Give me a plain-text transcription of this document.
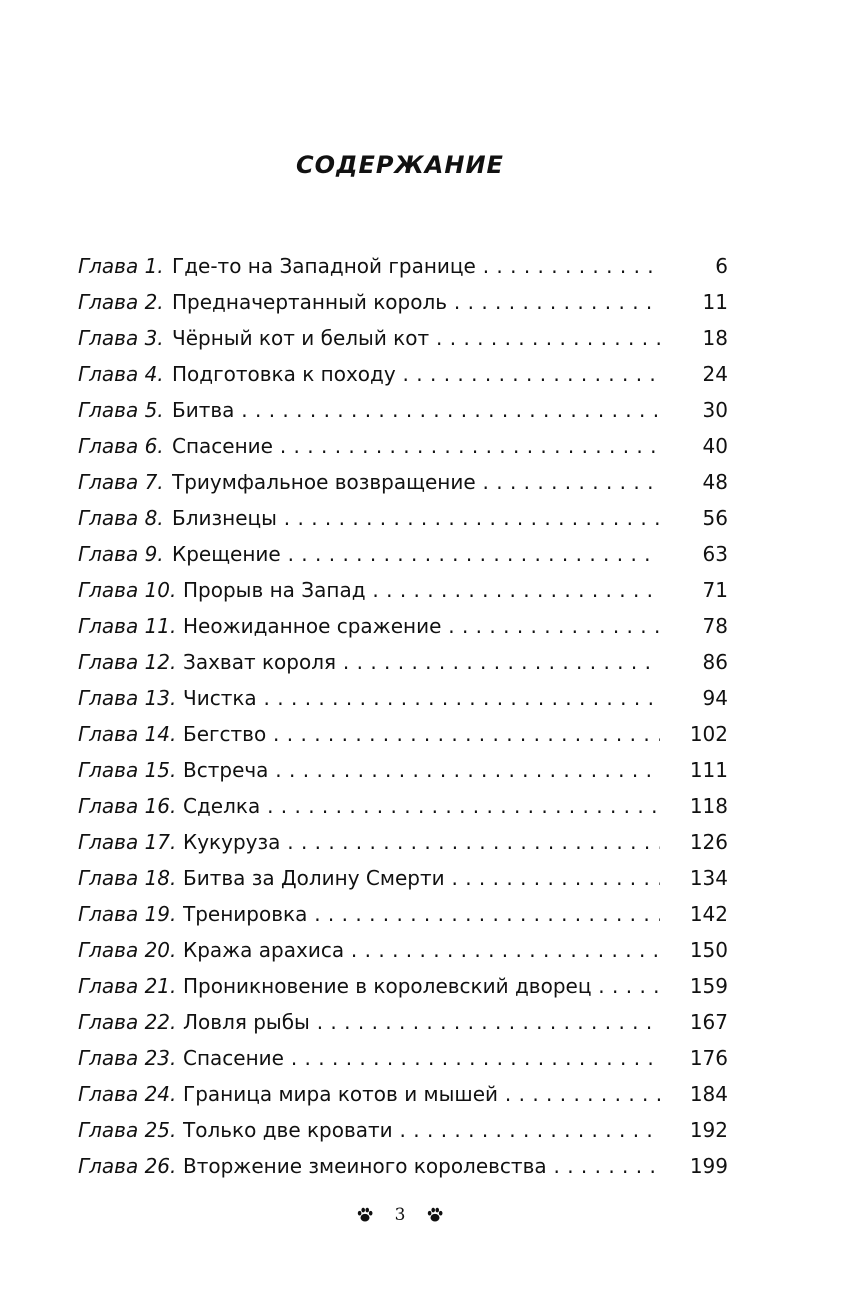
СОДЕРЖАНИЕ
Глава 1. Где-то на Западной границе . . .	6
Глава 2. Предначертанный король . . .	11
Глава 3. Чёрный кот и белый кот . . .	18
Глава 4. Подготовка к походу . . .	24
Глава 5. Битва . . .	30
Глава 6. Спасение . . .	40
Глава 7. Триумфальное возвращение . . .	48
Глава 8. Близнецы . . .	56
Глава 9. Крещение . . .	63
Глава 10. Прорыв на Запад . . .	71
Глава 11. Неожиданное сражение . . .	78
Глава 12. Захват короля . . .	86
Глава 13. Чистка . . .	94
Глава 14. Бегство . . .	102
Глава 15. Встреча . . .	111
Глава 16. Сделка . . .	118
Глава 17. Кукуруза . . .	126
Глава 18. Битва за Долину Смерти . . .	134
Глава 19. Тренировка . . .	142
Глава 20. Кража арахиса . . .	150
Глава 21. Проникновение в королевский дворец . . .	159
Глава 22. Ловля рыбы . . .	167
Глава 23. Спасение . . .	176
Глава 24. Граница мира котов и мышей . . .	184
Глава 25. Только две кровати . . .	192
Глава 26. Вторжение змеиного королевства . . .	199
3
